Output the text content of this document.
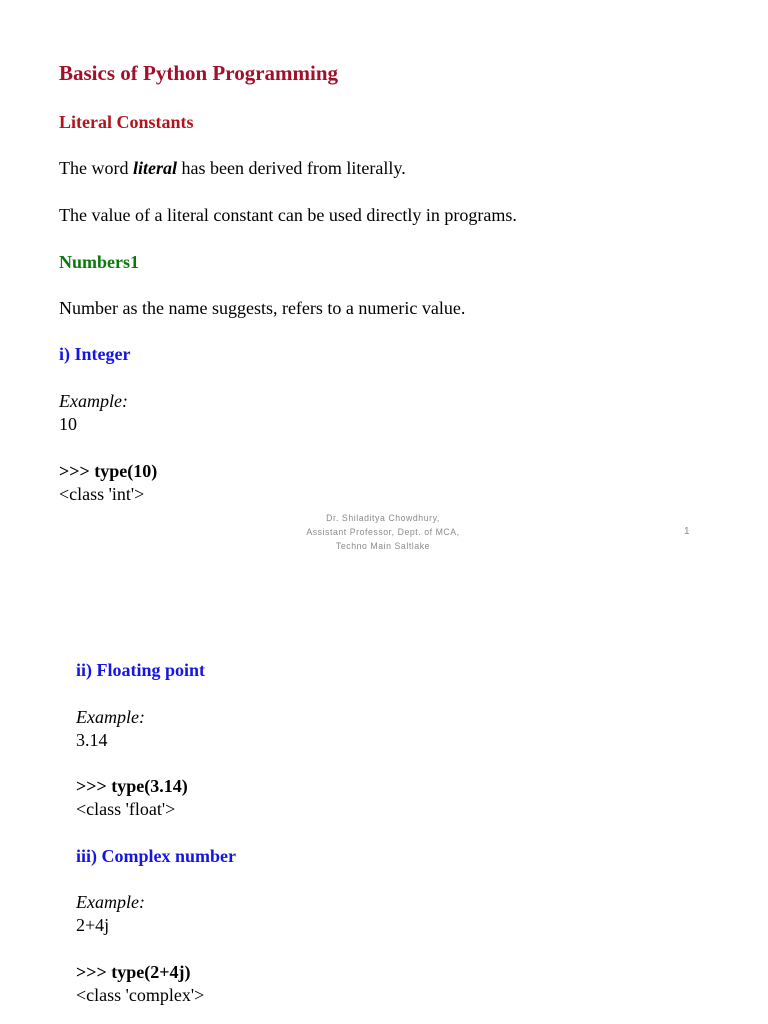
Basics of Python Programming
Literal Constants
The word literal has been derived from literally.
The value of a literal constant can be used directly in programs.
Numbers1
Number as the name suggests, refers to a numeric value.
i) Integer
Example:
10
>>> type(10)
<class 'int'>
Dr. Shiladitya Chowdhury,
Assistant Professor, Dept. of MCA,
Techno Main Saltlake
1
ii) Floating point
Example:
3.14
>>> type(3.14)
<class 'float'>
iii) Complex number
Example:
2+4j
>>> type(2+4j)
<class 'complex'>
